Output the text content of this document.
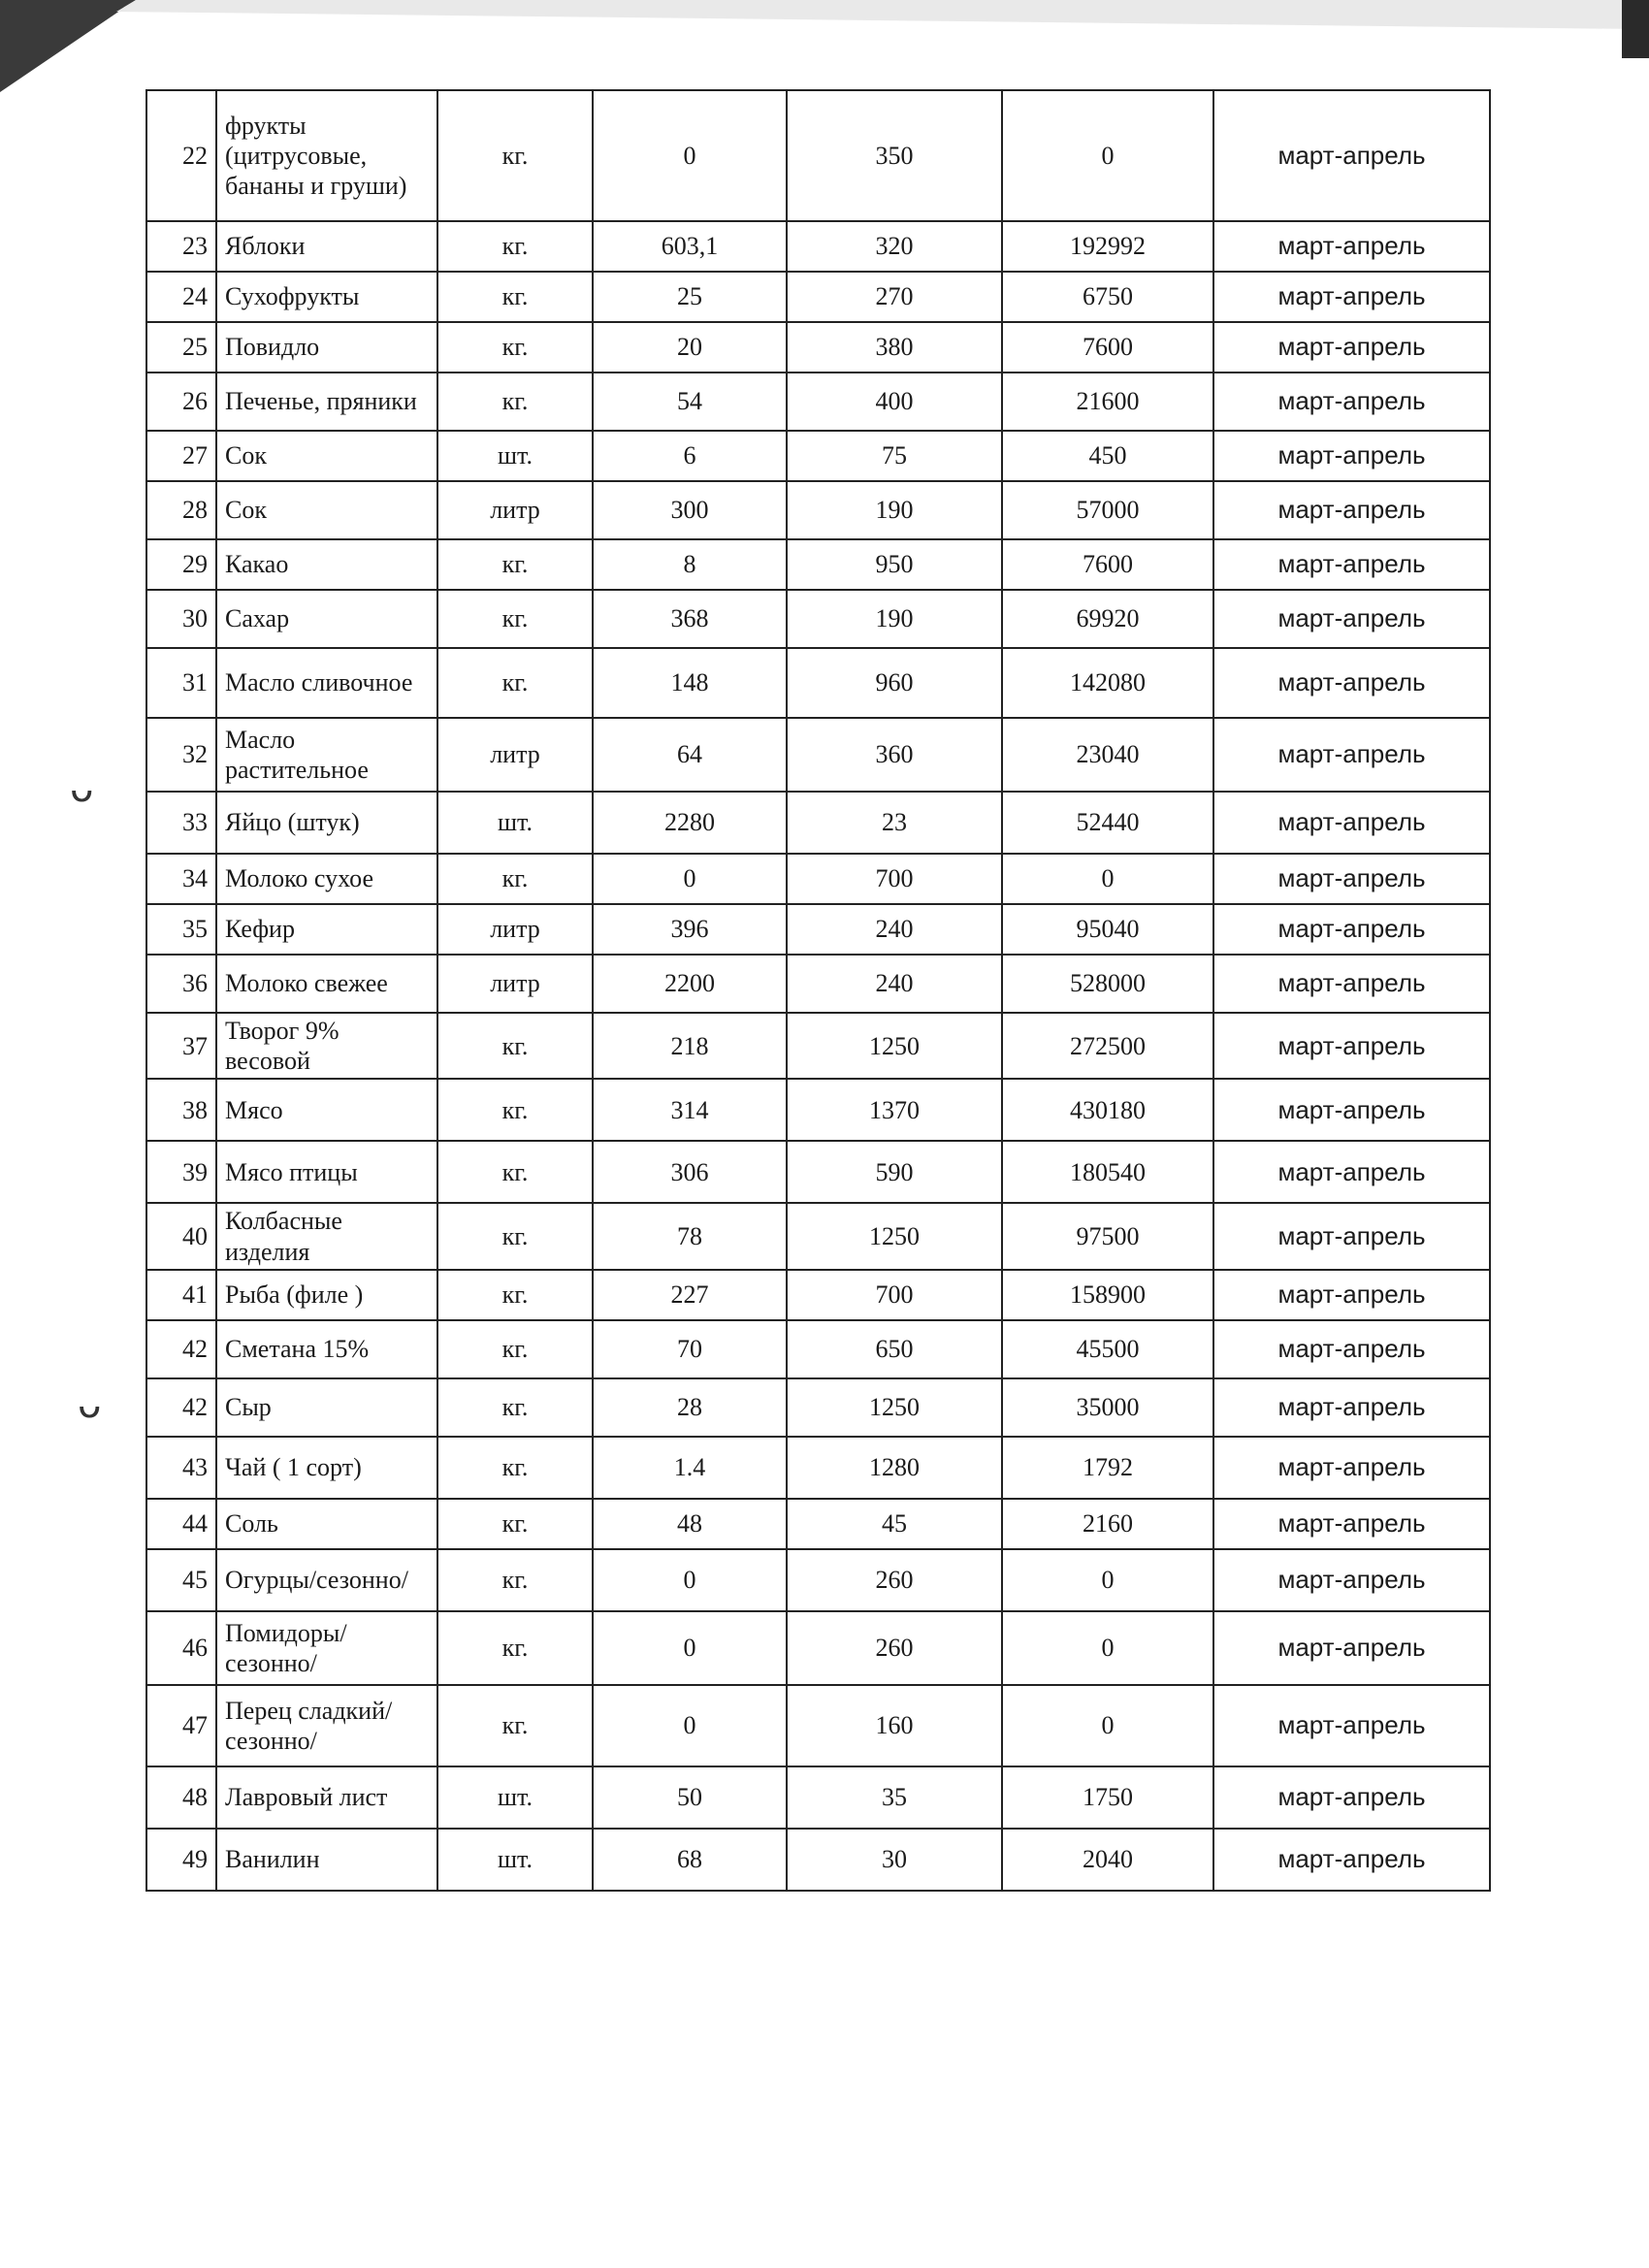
ᴗ
ᴗ
22	фрукты (цитрусовые, бананы и груши)	кг.	0	350	0	март-апрель
23	Яблоки	кг.	603,1	320	192992	март-апрель
24	Сухофрукты	кг.	25	270	6750	март-апрель
25	Повидло	кг.	20	380	7600	март-апрель
26	Печенье, пряники	кг.	54	400	21600	март-апрель
27	Сок	шт.	6	75	450	март-апрель
28	Сок	литр	300	190	57000	март-апрель
29	Какао	кг.	8	950	7600	март-апрель
30	Сахар	кг.	368	190	69920	март-апрель
31	Масло сливочное	кг.	148	960	142080	март-апрель
32	Масло растительное	литр	64	360	23040	март-апрель
33	Яйцо (штук)	шт.	2280	23	52440	март-апрель
34	Молоко сухое	кг.	0	700	0	март-апрель
35	Кефир	литр	396	240	95040	март-апрель
36	Молоко свежее	литр	2200	240	528000	март-апрель
37	Творог 9% весовой	кг.	218	1250	272500	март-апрель
38	Мясо	кг.	314	1370	430180	март-апрель
39	Мясо птицы	кг.	306	590	180540	март-апрель
40	Колбасные изделия	кг.	78	1250	97500	март-апрель
41	Рыба (филе )	кг.	227	700	158900	март-апрель
42	Сметана 15%	кг.	70	650	45500	март-апрель
42	Сыр	кг.	28	1250	35000	март-апрель
43	Чай ( 1 сорт)	кг.	1.4	1280	1792	март-апрель
44	Соль	кг.	48	45	2160	март-апрель
45	Огурцы/сезонно/	кг.	0	260	0	март-апрель
46	Помидоры/сезонно/	кг.	0	260	0	март-апрель
47	Перец сладкий/сезонно/	кг.	0	160	0	март-апрель
48	Лавровый лист	шт.	50	35	1750	март-апрель
49	Ванилин	шт.	68	30	2040	март-апрель
